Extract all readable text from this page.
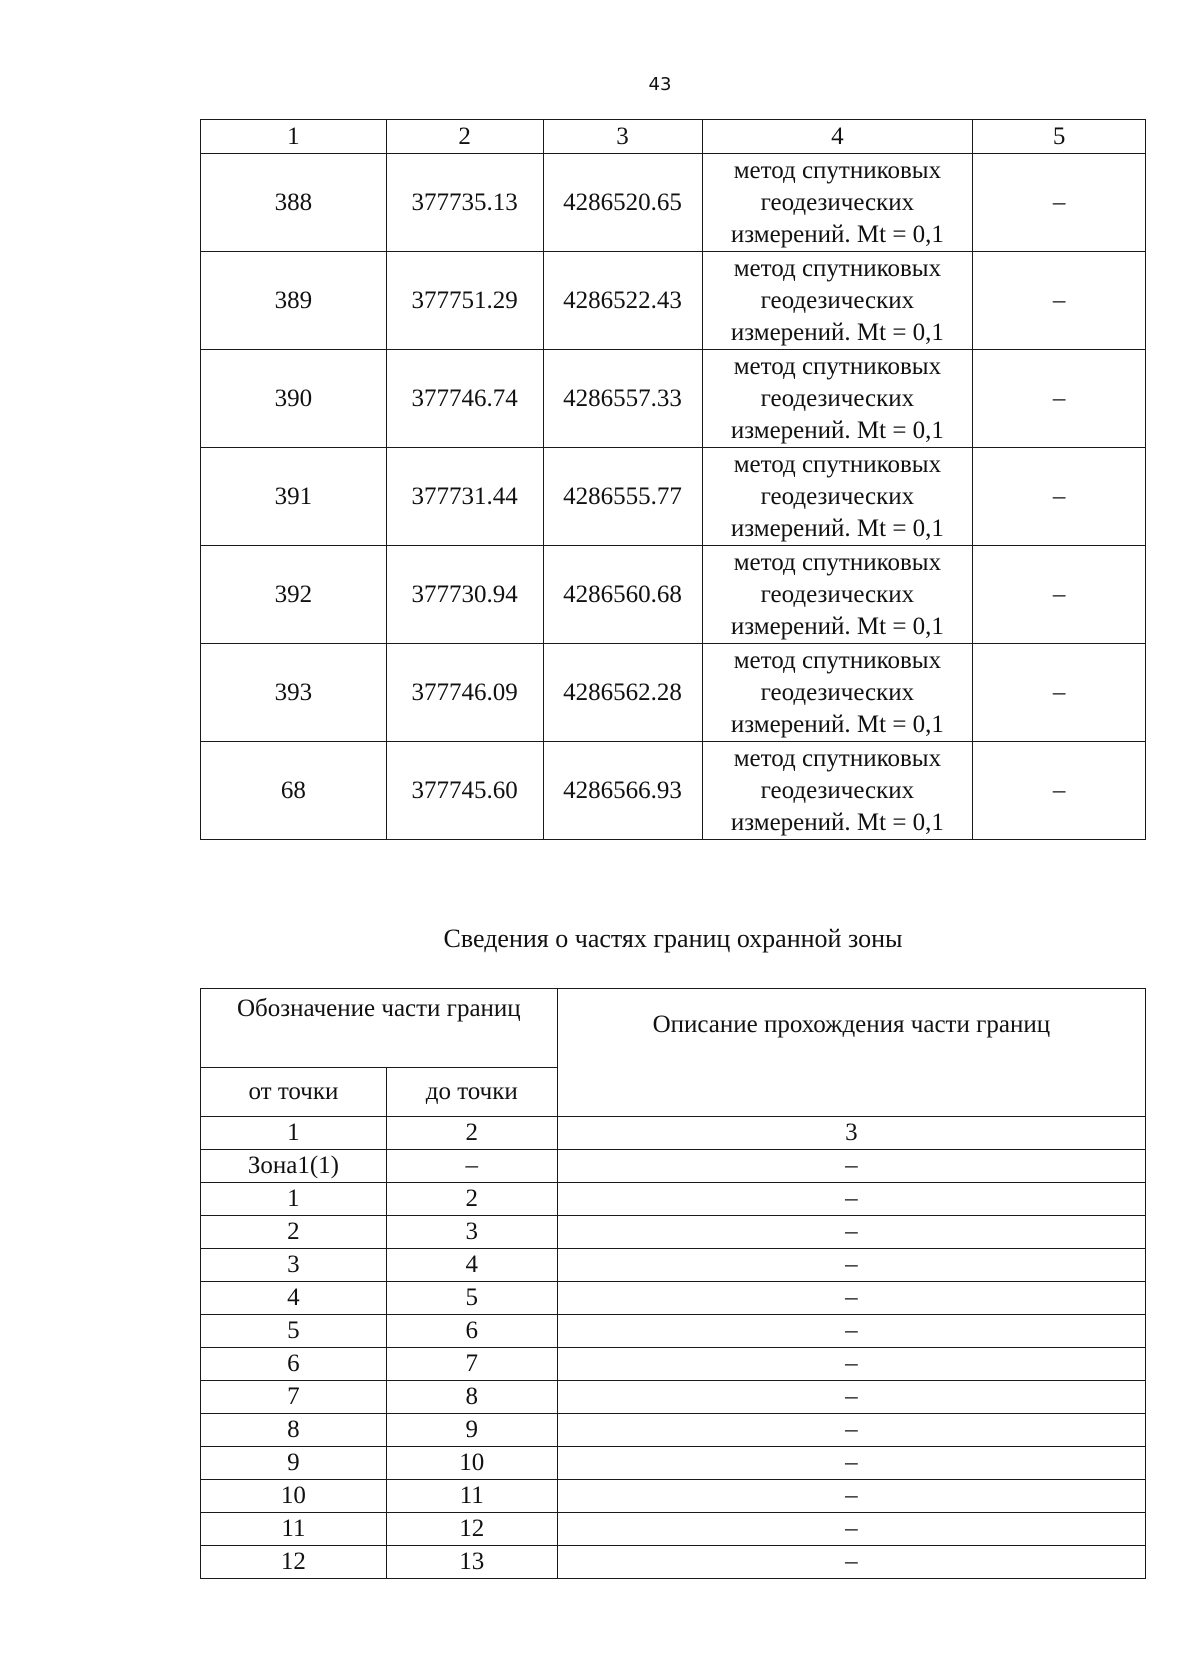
43
1	2	3	4	5
388	377735.13	4286520.65	метод спутниковых геодезических измерений. Mt = 0,1	–
389	377751.29	4286522.43	метод спутниковых геодезических измерений. Mt = 0,1	–
390	377746.74	4286557.33	метод спутниковых геодезических измерений. Mt = 0,1	–
391	377731.44	4286555.77	метод спутниковых геодезических измерений. Mt = 0,1	–
392	377730.94	4286560.68	метод спутниковых геодезических измерений. Mt = 0,1	–
393	377746.09	4286562.28	метод спутниковых геодезических измерений. Mt = 0,1	–
68	377745.60	4286566.93	метод спутниковых геодезических измерений. Mt = 0,1	–
Сведения о частях границ охранной зоны
Обозначение части границ		Описание прохождения части границ
от точки	до точки	
1	2	3
Зона1(1)	–	–
1	2	–
2	3	–
3	4	–
4	5	–
5	6	–
6	7	–
7	8	–
8	9	–
9	10	–
10	11	–
11	12	–
12	13	–
